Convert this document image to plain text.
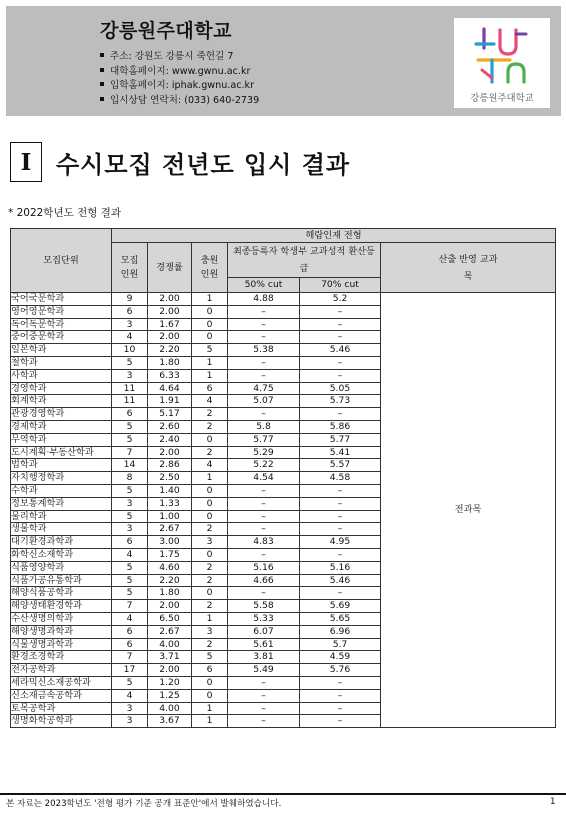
강릉원주대학교
주소: 강원도 강릉시 죽헌길 7
대학홈페이지: www.gwnu.ac.kr
입학홈페이지: iphak.gwnu.ac.kr
입시상담 연락처: (033) 640-2739	강릉원주대학교
I	수시모집 전년도 입시 결과
* 2022학년도 전형 결과
모집단위	해람인재 전형					

	모집 인원	경쟁률	충원 인원	최종등록자 학생부 교과성적 환산등급		산출 반영 교과목

				50% cut	70% cut	
국어국문학과	9	2.00	1	4.88	5.2	전과목
영어영문학과	6	2.00	0	–	–	
독어독문학과	3	1.67	0	–	–	
중어중문학과	4	2.00	0	–	–	
일본학과	10	2.20	5	5.38	5.46	
철학과	5	1.80	1	–	–	
사학과	3	6.33	1	–	–	
경영학과	11	4.64	6	4.75	5.05	
회계학과	11	1.91	4	5.07	5.73	
관광경영학과	6	5.17	2	–	–	
경제학과	5	2.60	2	5.8	5.86	
무역학과	5	2.40	0	5.77	5.77	
도시계획·부동산학과	7	2.00	2	5.29	5.41	
법학과	14	2.86	4	5.22	5.57	
자치행정학과	8	2.50	1	4.54	4.58	
수학과	5	1.40	0	–	–	
정보통계학과	3	1.33	0	–	–	
물리학과	5	1.00	0	–	–	
생물학과	3	2.67	2	–	–	
대기환경과학과	6	3.00	3	4.83	4.95	
화학신소재학과	4	1.75	0	–	–	
식품영양학과	5	4.60	2	5.16	5.16	
식품가공유통학과	5	2.20	2	4.66	5.46	
해양식품공학과	5	1.80	0	–	–	
해양생태환경학과	7	2.00	2	5.58	5.69	
수산생명의학과	4	6.50	1	5.33	5.65	
해양생명과학과	6	2.67	3	6.07	6.96	
식물생명과학과	6	4.00	2	5.61	5.7	
환경조경학과	7	3.71	5	3.81	4.59	
전자공학과	17	2.00	6	5.49	5.76	
세라믹신소재공학과	5	1.20	0	–	–	
신소재금속공학과	4	1.25	0	–	–	
토목공학과	3	4.00	1	–	–	
생명화학공학과	3	3.67	1	–	–	
본 자료는 2023학년도 '전형 평가 기준 공개 표준안'에서 발췌하였습니다.	1
